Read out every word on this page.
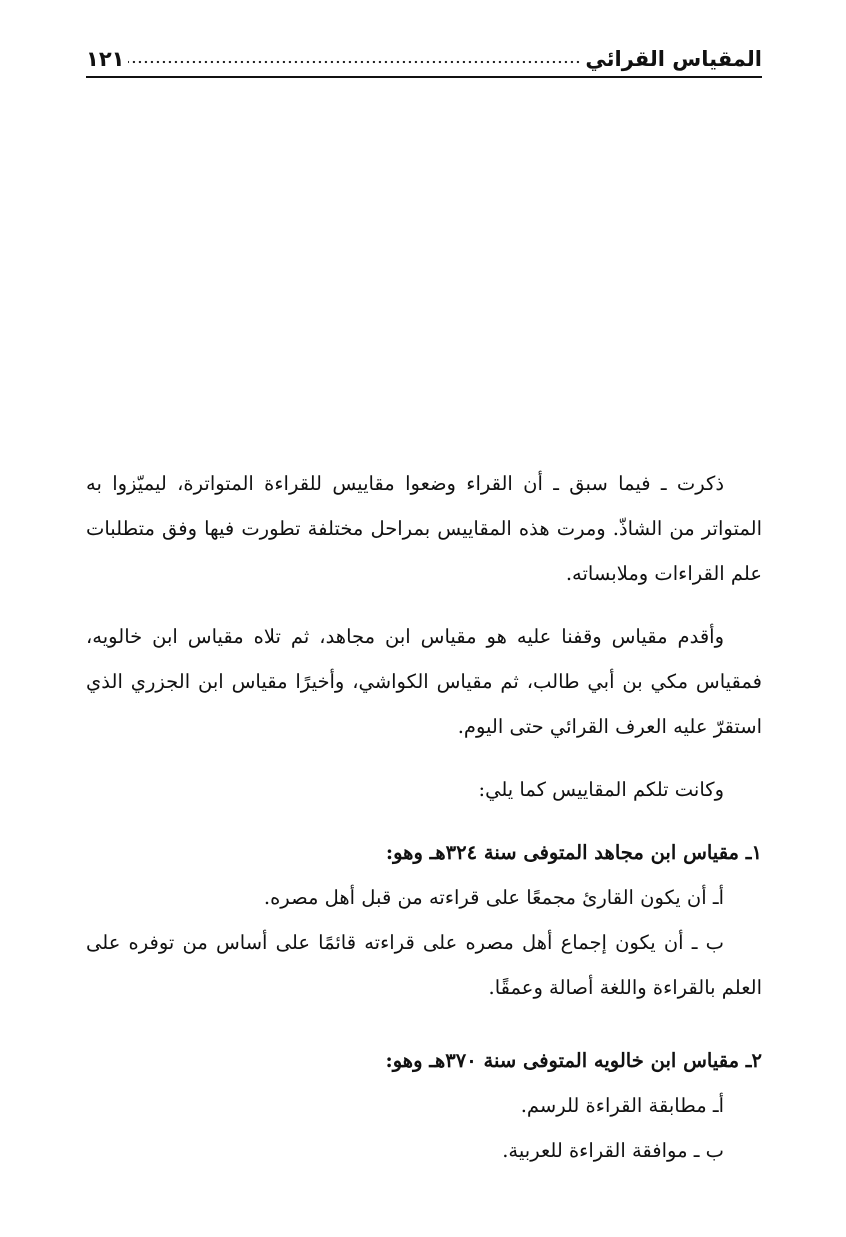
المقياس القرائي
١٢١

ذكرت ـ فيما سبق ـ أن القراء وضعوا مقاييس للقراءة المتواترة، ليميّزوا به المتواتر من الشاذّ. ومرت هذه المقاييس بمراحل مختلفة تطورت فيها وفق متطلبات علم القراءات وملابساته.

وأقدم مقياس وقفنا عليه هو مقياس ابن مجاهد، ثم تلاه مقياس ابن خالويه، فمقياس مكي بن أبي طالب، ثم مقياس الكواشي، وأخيرًا مقياس ابن الجزري الذي استقرّ عليه العرف القرائي حتى اليوم.

وكانت تلكم المقاييس كما يلي:

١ـ مقياس ابن مجاهد المتوفى سنة ٣٢٤هـ وهو:

أـ أن يكون القارئ مجمعًا على قراءته من قبل أهل مصره.

ب ـ أن يكون إجماع أهل مصره على قراءته قائمًا على أساس من توفره على العلم بالقراءة واللغة أصالة وعمقًا.

٢ـ مقياس ابن خالويه المتوفى سنة ٣٧٠هـ وهو:

أـ مطابقة القراءة للرسم.

ب ـ موافقة القراءة للعربية.
